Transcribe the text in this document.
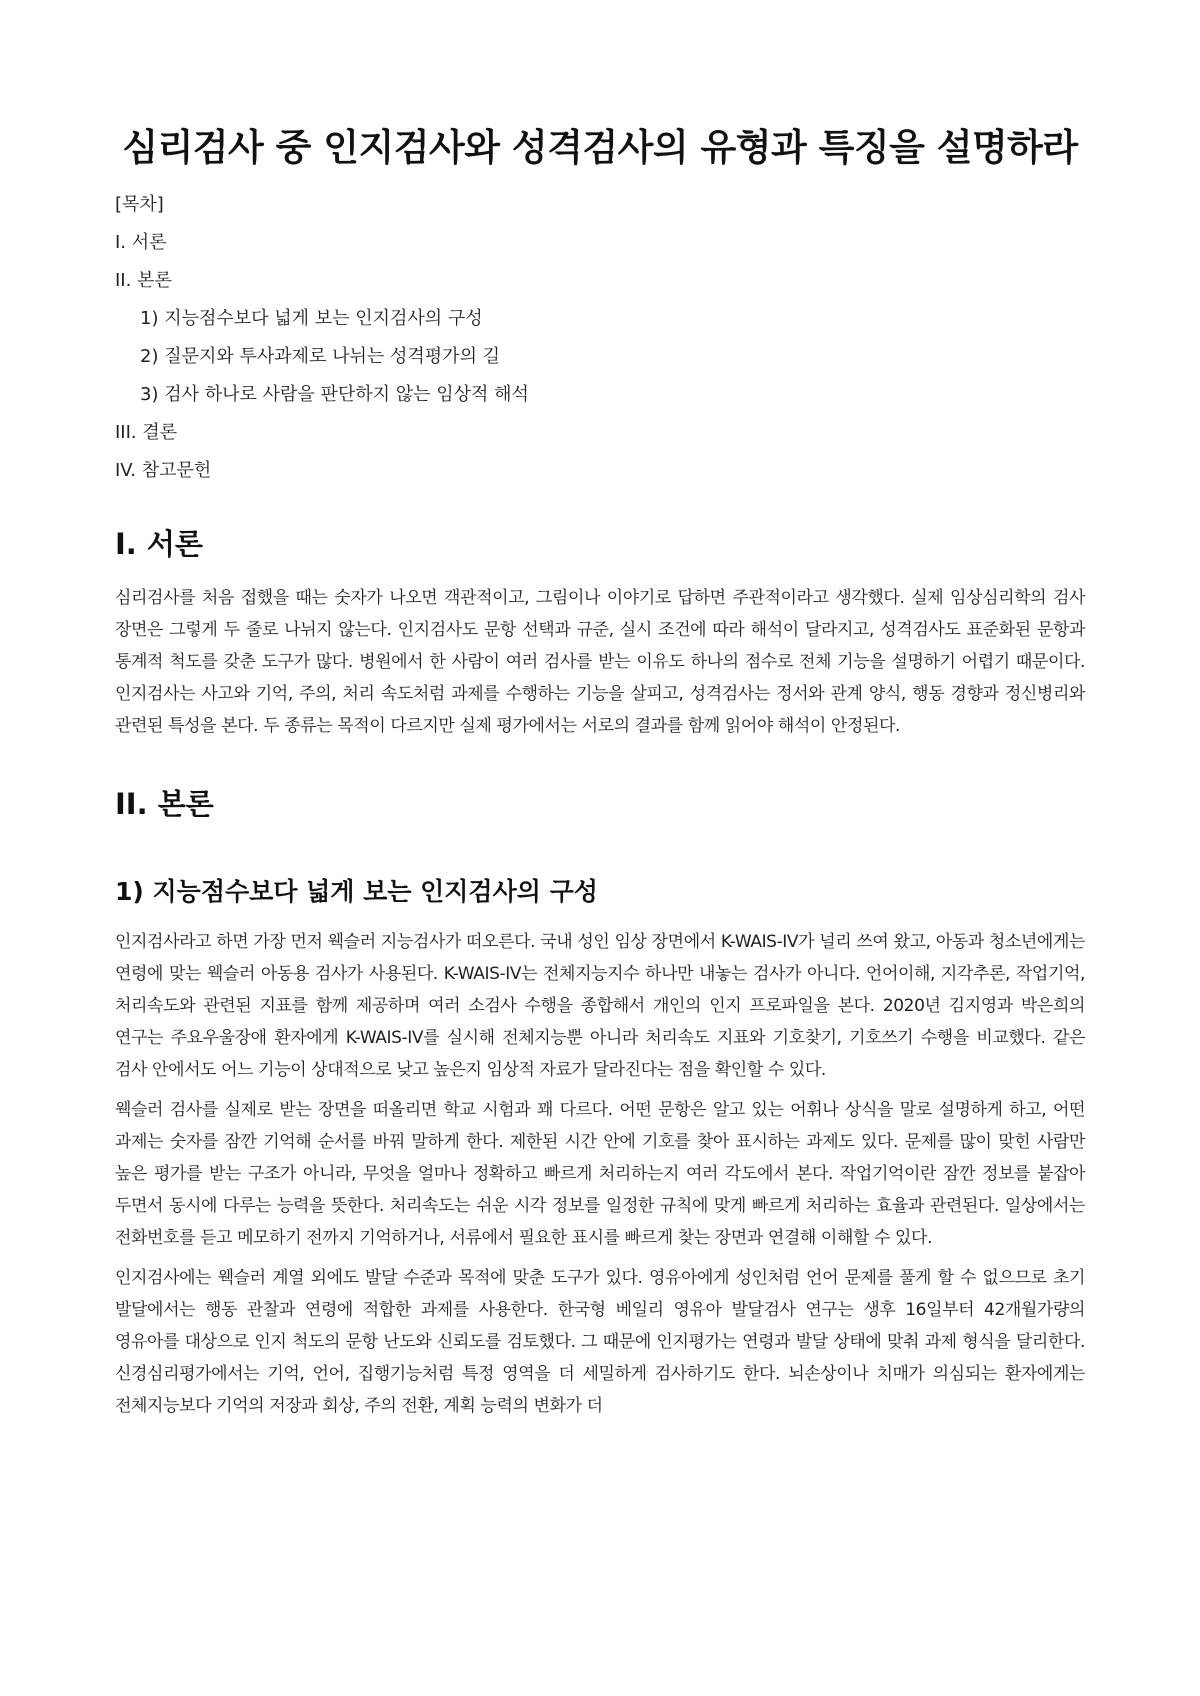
심리검사 중 인지검사와 성격검사의 유형과 특징을 설명하라
[목차]
I. 서론
II. 본론
1) 지능점수보다 넓게 보는 인지검사의 구성
2) 질문지와 투사과제로 나뉘는 성격평가의 길
3) 검사 하나로 사람을 판단하지 않는 임상적 해석
III. 결론
IV. 참고문헌
I. 서론

심리검사를 처음 접했을 때는 숫자가 나오면 객관적이고, 그림이나 이야기로 답하면 주관적이라고 생각했다. 실제 임상심리학의 검사 장면은 그렇게 두 줄로 나뉘지 않는다. 인지검사도 문항 선택과 규준, 실시 조건에 따라 해석이 달라지고, 성격검사도 표준화된 문항과 통계적 척도를 갖춘 도구가 많다. 병원에서 한 사람이 여러 검사를 받는 이유도 하나의 점수로 전체 기능을 설명하기 어렵기 때문이다. 인지검사는 사고와 기억, 주의, 처리 속도처럼 과제를 수행하는 기능을 살피고, 성격검사는 정서와 관계 양식, 행동 경향과 정신병리와 관련된 특성을 본다. 두 종류는 목적이 다르지만 실제 평가에서는 서로의 결과를 함께 읽어야 해석이 안정된다.

II. 본론
1) 지능점수보다 넓게 보는 인지검사의 구성

인지검사라고 하면 가장 먼저 웩슬러 지능검사가 떠오른다. 국내 성인 임상 장면에서 K-WAIS-IV가 널리 쓰여 왔고, 아동과 청소년에게는 연령에 맞는 웩슬러 아동용 검사가 사용된다. K-WAIS-IV는 전체지능지수 하나만 내놓는 검사가 아니다. 언어이해, 지각추론, 작업기억, 처리속도와 관련된 지표를 함께 제공하며 여러 소검사 수행을 종합해서 개인의 인지 프로파일을 본다. 2020년 김지영과 박은희의 연구는 주요우울장애 환자에게 K-WAIS-IV를 실시해 전체지능뿐 아니라 처리속도 지표와 기호찾기, 기호쓰기 수행을 비교했다. 같은 검사 안에서도 어느 기능이 상대적으로 낮고 높은지 임상적 자료가 달라진다는 점을 확인할 수 있다.

웩슬러 검사를 실제로 받는 장면을 떠올리면 학교 시험과 꽤 다르다. 어떤 문항은 알고 있는 어휘나 상식을 말로 설명하게 하고, 어떤 과제는 숫자를 잠깐 기억해 순서를 바꿔 말하게 한다. 제한된 시간 안에 기호를 찾아 표시하는 과제도 있다. 문제를 많이 맞힌 사람만 높은 평가를 받는 구조가 아니라, 무엇을 얼마나 정확하고 빠르게 처리하는지 여러 각도에서 본다. 작업기억이란 잠깐 정보를 붙잡아 두면서 동시에 다루는 능력을 뜻한다. 처리속도는 쉬운 시각 정보를 일정한 규칙에 맞게 빠르게 처리하는 효율과 관련된다. 일상에서는 전화번호를 듣고 메모하기 전까지 기억하거나, 서류에서 필요한 표시를 빠르게 찾는 장면과 연결해 이해할 수 있다.

인지검사에는 웩슬러 계열 외에도 발달 수준과 목적에 맞춘 도구가 있다. 영유아에게 성인처럼 언어 문제를 풀게 할 수 없으므로 초기 발달에서는 행동 관찰과 연령에 적합한 과제를 사용한다. 한국형 베일리 영유아 발달검사 연구는 생후 16일부터 42개월가량의 영유아를 대상으로 인지 척도의 문항 난도와 신뢰도를 검토했다. 그 때문에 인지평가는 연령과 발달 상태에 맞춰 과제 형식을 달리한다. 신경심리평가에서는 기억, 언어, 집행기능처럼 특정 영역을 더 세밀하게 검사하기도 한다. 뇌손상이나 치매가 의심되는 환자에게는 전체지능보다 기억의 저장과 회상, 주의 전환, 계획 능력의 변화가 더
